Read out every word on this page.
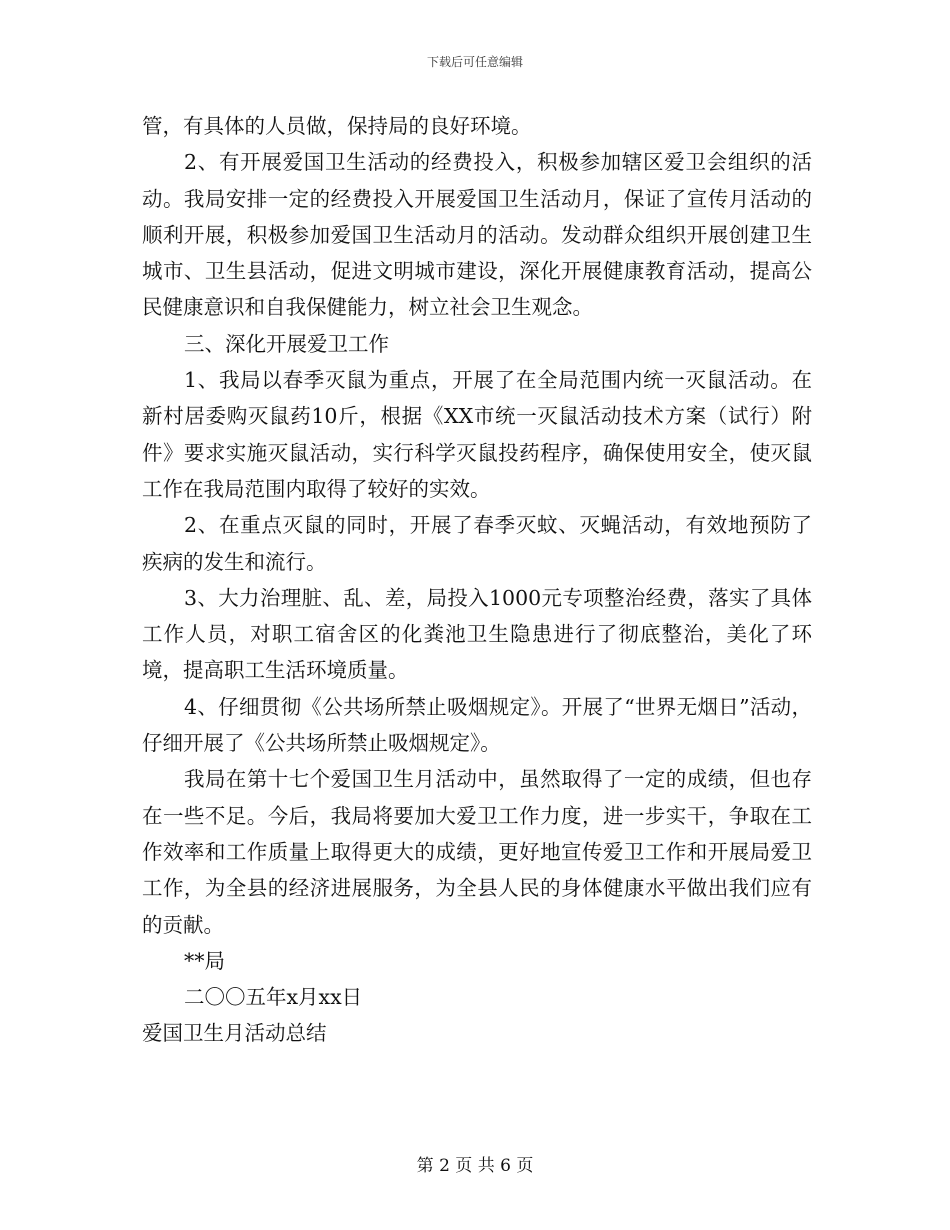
下载后可任意编辑

管，有具体的人员做，保持局的良好环境。

2、有开展爱国卫生活动的经费投入，积极参加辖区爱卫会组织的活动。我局安排一定的经费投入开展爱国卫生活动月，保证了宣传月活动的顺利开展，积极参加爱国卫生活动月的活动。发动群众组织开展创建卫生城市、卫生县活动，促进文明城市建设，深化开展健康教育活动，提高公民健康意识和自我保健能力，树立社会卫生观念。

三、深化开展爱卫工作

1、我局以春季灭鼠为重点，开展了在全局范围内统一灭鼠活动。在新村居委购灭鼠药10斤，根据《XX市统一灭鼠活动技术方案（试行）附件》要求实施灭鼠活动，实行科学灭鼠投药程序，确保使用安全，使灭鼠工作在我局范围内取得了较好的实效。

2、在重点灭鼠的同时，开展了春季灭蚊、灭蝇活动，有效地预防了疾病的发生和流行。

3、大力治理脏、乱、差，局投入1000元专项整治经费，落实了具体工作人员，对职工宿舍区的化粪池卫生隐患进行了彻底整治，美化了环境，提高职工生活环境质量。

4、仔细贯彻《公共场所禁止吸烟规定》。开展了“世界无烟日”活动，仔细开展了《公共场所禁止吸烟规定》。

我局在第十七个爱国卫生月活动中，虽然取得了一定的成绩，但也存在一些不足。今后，我局将要加大爱卫工作力度，进一步实干，争取在工作效率和工作质量上取得更大的成绩，更好地宣传爱卫工作和开展局爱卫工作，为全县的经济进展服务，为全县人民的身体健康水平做出我们应有的贡献。

**局

二〇〇五年x月xx日

爱国卫生月活动总结

第 2 页 共 6 页
